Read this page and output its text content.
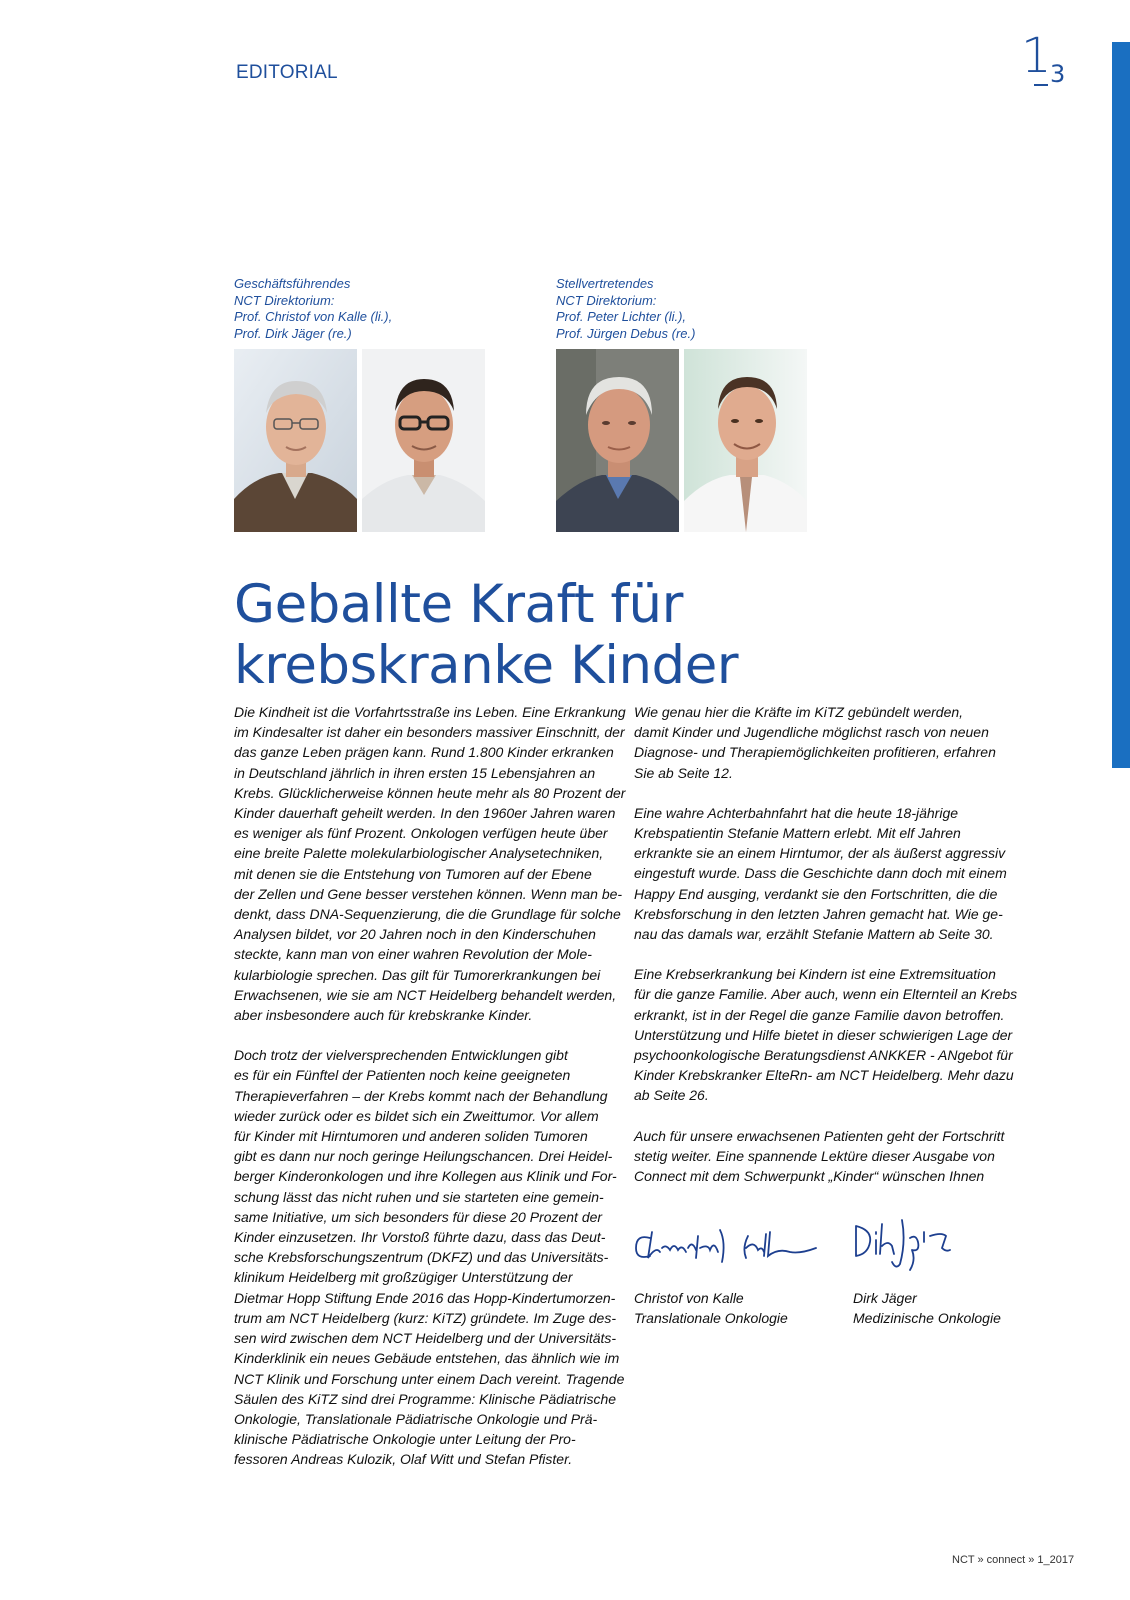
EDITORIAL	1
3
Geschäftsführendes
NCT Direktorium:
Prof. Christof von Kalle (li.),
Prof. Dirk Jäger (re.)
Stellvertretendes
NCT Direktorium:
Prof. Peter Lichter (li.),
Prof. Jürgen Debus (re.)
Geballte Kraft für
krebskranke Kinder
Die Kindheit ist die Vorfahrtsstraße ins Leben. Eine Erkrankung
im Kindesalter ist daher ein besonders massiver Einschnitt, der
das ganze Leben prägen kann. Rund 1.800 Kinder erkranken
in Deutschland jährlich in ihren ersten 15 Lebensjahren an
Krebs. Glücklicherweise können heute mehr als 80 Prozent der
Kinder dauerhaft geheilt werden. In den 1960er Jahren waren
es weniger als fünf Prozent. Onkologen verfügen heute über
eine breite Palette molekularbiologischer Analysetechniken,
mit denen sie die Entstehung von Tumoren auf der Ebene
der Zellen und Gene besser verstehen können. Wenn man be-
denkt, dass DNA-Sequenzierung, die die Grundlage für solche
Analysen bildet, vor 20 Jahren noch in den Kinderschuhen
steckte, kann man von einer wahren Revolution der Mole-
kularbiologie sprechen. Das gilt für Tumorerkrankungen bei
Erwachsenen, wie sie am NCT Heidelberg behandelt werden,
aber insbesondere auch für krebskranke Kinder.
Doch trotz der vielversprechenden Entwicklungen gibt
es für ein Fünftel der Patienten noch keine geeigneten
Therapieverfahren – der Krebs kommt nach der Behandlung
wieder zurück oder es bildet sich ein Zweittumor. Vor allem
für Kinder mit Hirntumoren und anderen soliden Tumoren
gibt es dann nur noch geringe Heilungschancen. Drei Heidel-
berger Kinderonkologen und ihre Kollegen aus Klinik und For-
schung lässt das nicht ruhen und sie starteten eine gemein-
same Initiative, um sich besonders für diese 20 Prozent der
Kinder einzusetzen. Ihr Vorstoß führte dazu, dass das Deut-
sche Krebsforschungszentrum (DKFZ) und das Universitäts-
klinikum Heidelberg mit großzügiger Unterstützung der
Dietmar Hopp Stiftung Ende 2016 das Hopp-Kindertumorzen-
trum am NCT Heidelberg (kurz: KiTZ) gründete. Im Zuge des-
sen wird zwischen dem NCT Heidelberg und der Universitäts-
Kinderklinik ein neues Gebäude entstehen, das ähnlich wie im
NCT Klinik und Forschung unter einem Dach vereint. Tragende
Säulen des KiTZ sind drei Programme: Klinische Pädiatrische
Onkologie, Translationale Pädiatrische Onkologie und Prä-
klinische Pädiatrische Onkologie unter Leitung der Pro-
fessoren Andreas Kulozik, Olaf Witt und Stefan Pfister.
Wie genau hier die Kräfte im KiTZ gebündelt werden,
damit Kinder und Jugendliche möglichst rasch von neuen
Diagnose- und Therapiemöglichkeiten profitieren, erfahren
Sie ab Seite 12.
Eine wahre Achterbahnfahrt hat die heute 18-jährige
Krebspatientin Stefanie Mattern erlebt. Mit elf Jahren
erkrankte sie an einem Hirntumor, der als äußerst aggressiv
eingestuft wurde. Dass die Geschichte dann doch mit einem
Happy End ausging, verdankt sie den Fortschritten, die die
Krebsforschung in den letzten Jahren gemacht hat. Wie ge-
nau das damals war, erzählt Stefanie Mattern ab Seite 30.
Eine Krebserkrankung bei Kindern ist eine Extremsituation
für die ganze Familie. Aber auch, wenn ein Elternteil an Krebs
erkrankt, ist in der Regel die ganze Familie davon betroffen.
Unterstützung und Hilfe bietet in dieser schwierigen Lage der
psychoonkologische Beratungsdienst ANKKER - ANgebot für
Kinder Krebskranker ElteRn- am NCT Heidelberg. Mehr dazu
ab Seite 26.
Auch für unsere erwachsenen Patienten geht der Fortschritt
stetig weiter. Eine spannende Lektüre dieser Ausgabe von
Connect mit dem Schwerpunkt „Kinder“ wünschen Ihnen
Christof von Kalle
Translationale Onkologie
Dirk Jäger
Medizinische Onkologie
NCT » connect » 1_2017
